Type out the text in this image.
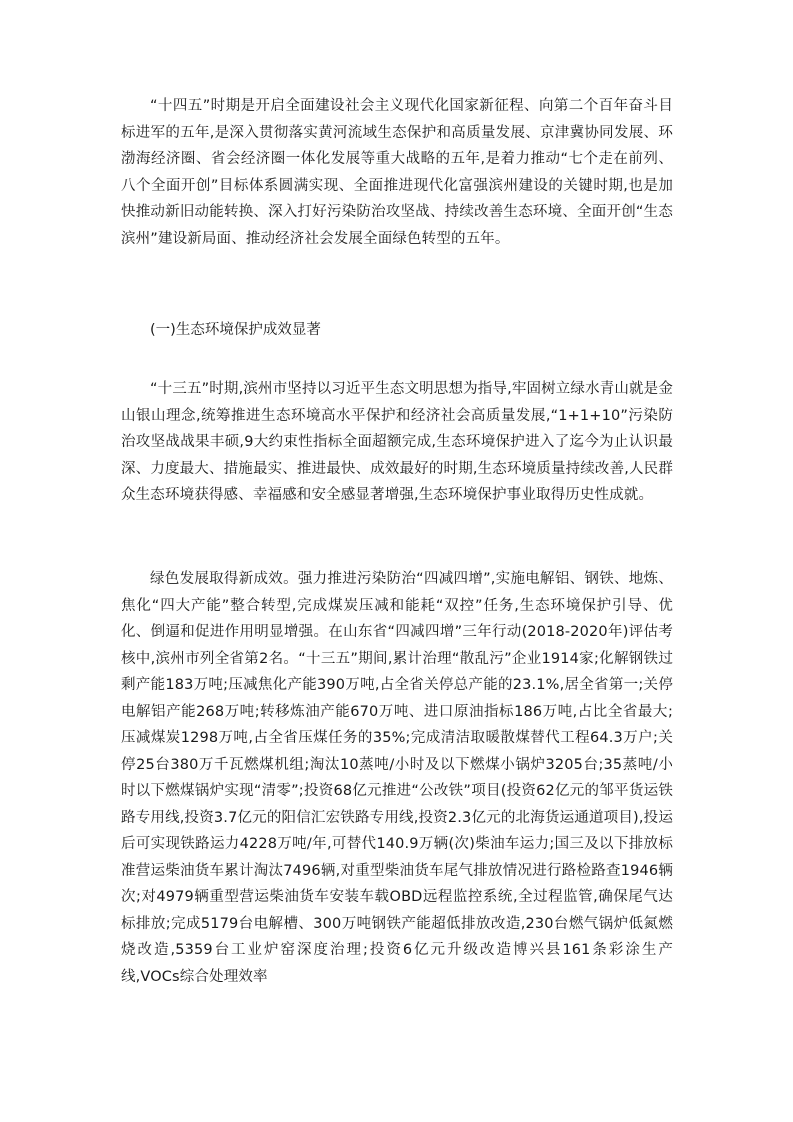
“十四五”时期是开启全面建设社会主义现代化国家新征程、向第二个百年奋斗目标进军的五年,是深入贯彻落实黄河流域生态保护和高质量发展、京津冀协同发展、环渤海经济圈、省会经济圈一体化发展等重大战略的五年,是着力推动“七个走在前列、八个全面开创”目标体系圆满实现、全面推进现代化富强滨州建设的关键时期,也是加快推动新旧动能转换、深入打好污染防治攻坚战、持续改善生态环境、全面开创“生态滨州”建设新局面、推动经济社会发展全面绿色转型的五年。

(一)生态环境保护成效显著

“十三五”时期,滨州市坚持以习近平生态文明思想为指导,牢固树立绿水青山就是金山银山理念,统筹推进生态环境高水平保护和经济社会高质量发展,“1+1+10”污染防治攻坚战战果丰硕,9大约束性指标全面超额完成,生态环境保护进入了迄今为止认识最深、力度最大、措施最实、推进最快、成效最好的时期,生态环境质量持续改善,人民群众生态环境获得感、幸福感和安全感显著增强,生态环境保护事业取得历史性成就。

绿色发展取得新成效。强力推进污染防治“四减四增”,实施电解铝、钢铁、地炼、焦化“四大产能”整合转型,完成煤炭压减和能耗“双控”任务,生态环境保护引导、优化、倒逼和促进作用明显增强。在山东省“四减四增”三年行动(2018-2020年)评估考核中,滨州市列全省第2名。“十三五”期间,累计治理“散乱污”企业1914家;化解钢铁过剩产能183万吨;压减焦化产能390万吨,占全省关停总产能的23.1%,居全省第一;关停电解铝产能268万吨;转移炼油产能670万吨、进口原油指标186万吨,占比全省最大;压减煤炭1298万吨,占全省压煤任务的35%;完成清洁取暖散煤替代工程64.3万户;关停25台380万千瓦燃煤机组;淘汰10蒸吨/小时及以下燃煤小锅炉3205台;35蒸吨/小时以下燃煤锅炉实现“清零”;投资68亿元推进“公改铁”项目(投资62亿元的邹平货运铁路专用线,投资3.7亿元的阳信汇宏铁路专用线,投资2.3亿元的北海货运通道项目),投运后可实现铁路运力4228万吨/年,可替代140.9万辆(次)柴油车运力;国三及以下排放标准营运柴油货车累计淘汰7496辆,对重型柴油货车尾气排放情况进行路检路查1946辆次;对4979辆重型营运柴油货车安装车载OBD远程监控系统,全过程监管,确保尾气达标排放;完成5179台电解槽、300万吨钢铁产能超低排放改造,230台燃气锅炉低氮燃烧改造,5359台工业炉窑深度治理;投资6亿元升级改造博兴县161条彩涂生产线,VOCs综合处理效率
